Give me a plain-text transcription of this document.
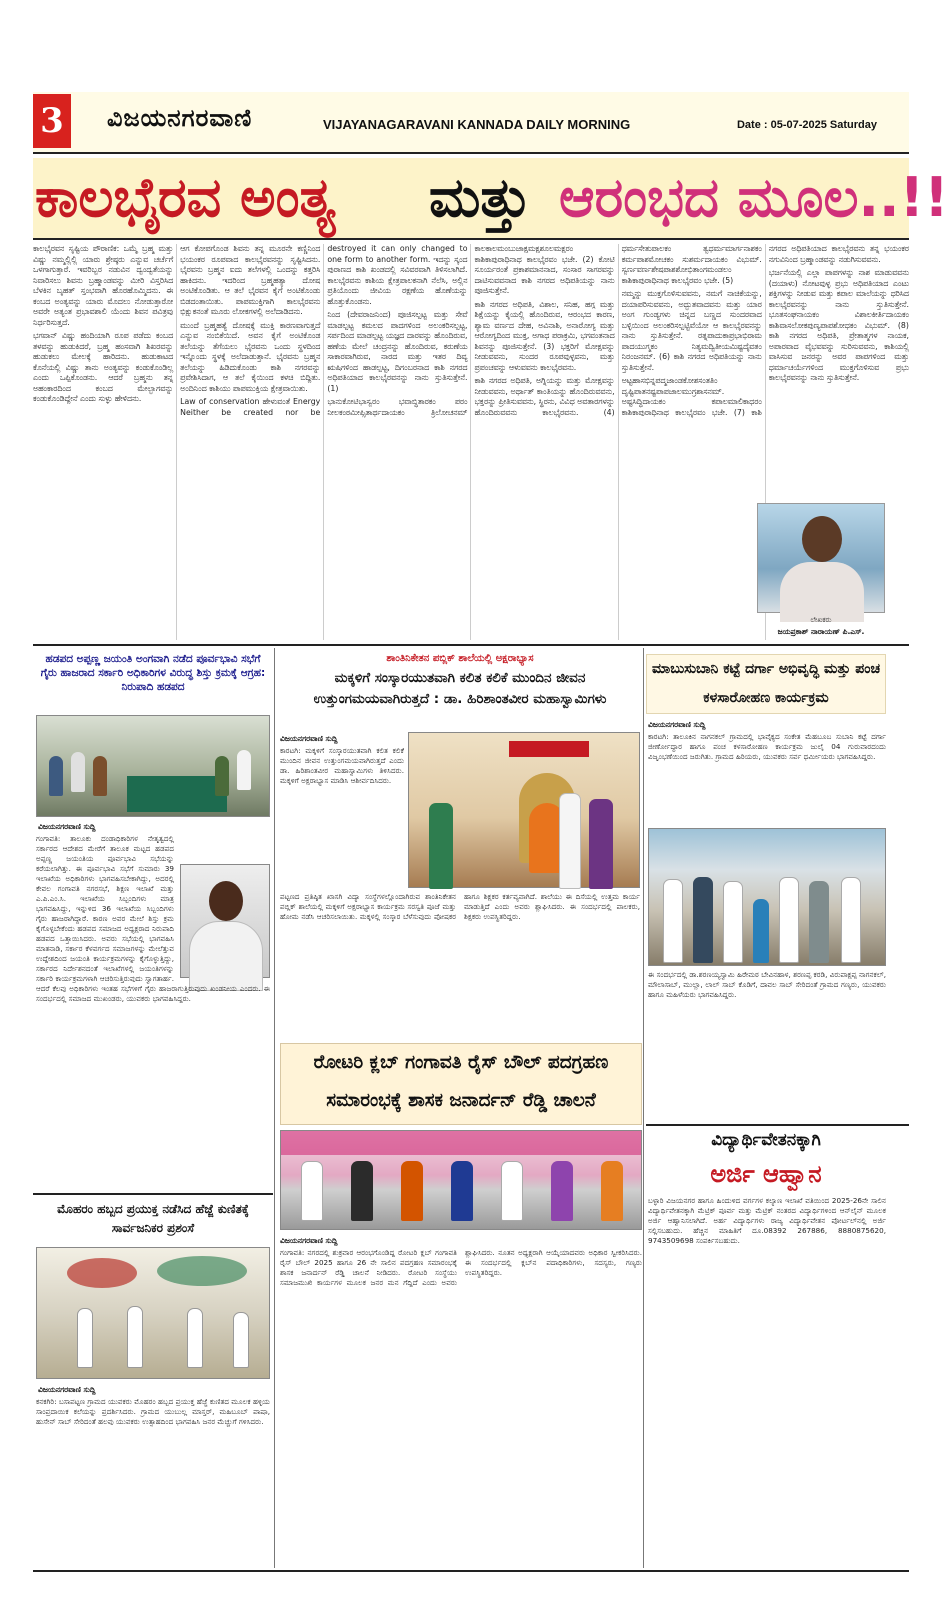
3 ವಿಜಯನಗರವಾಣಿ	VIJAYANAGARAVANI KANNADA DAILY MORNING	Date : 05-07-2025 Saturday
ಕಾಲಭೈರವ ಅಂತ್ಯ ಮತ್ತು ಆರಂಭದ ಮೂಲ..!!

ಕಾಲಭೈರವನ ಸೃಷ್ಟಿಯ ಪೌರಾಣಿಕ: ಒಮ್ಮೆ ಬ್ರಹ್ಮ ಮತ್ತು ವಿಷ್ಣು ನಮ್ಮಲ್ಲಿಲ್ಲಿ ಯಾರು ಶ್ರೇಷ್ಠರು ಎನ್ನುವ ಚರ್ಚೆಗೆ ಒಳಗಾಗುತ್ತಾರೆ. ಇವರಿಬ್ಬರ ನಡುವಿನ ದ್ವಂದ್ವತೆಯನ್ನು ನಿವಾರಿಸಲು ಶಿವನು ಬ್ರಹ್ಮಾಂಡವನ್ನು ಮೀರಿ ವಿಸ್ತರಿಸಿದ ಬೆಳಕಿನ ಬೃಹತ್ ಸ್ತಂಭವಾಗಿ ಹೊರಹೊಮ್ಮಿದನು. ಈ ಕಂಬದ ಅಂತ್ಯವನ್ನು ಯಾರು ಮೊದಲು ನೋಡುತ್ತಾರೋ ಅವರೇ ಅತ್ಯಂತ ಪ್ರಭಾವಶಾಲಿ ಯೆಂದು ಶಿವನ ಪವಿತ್ರವು ನಿರ್ಧರಿಸುತ್ತದೆ.

ಭಗವಾನ್ ವಿಷ್ಣು ಹಂದಿಯಾಗಿ ರೂಪ ಪಡೆದು ಕಂಬದ ತಳವನ್ನು ಹುಡುಕಿದರೆ, ಬ್ರಹ್ಮ ಹಂಸವಾಗಿ ಶಿಖರವನ್ನು ಹುಡುಕಲು ಮೇಲಕ್ಕೆ ಹಾರಿದನು. ಹುಡುಕಾಟದ ಕೊನೆಯಲ್ಲಿ ವಿಷ್ಣು ತಾನು ಅಂತ್ಯವನ್ನು ಕಂಡುಕೊಂಡಿಲ್ಲ ಎಂದು ಒಪ್ಪಿಕೊಂಡನು. ಆದರೆ ಬ್ರಹ್ಮನು ತನ್ನ ಅಹಂಕಾರದಿಂದ ಕಂಬದ ಮೇಲ್ಭಾಗವನ್ನು ಕಂಡುಕೊಂಡಿದ್ದೇನೆ ಎಂದು ಸುಳ್ಳು ಹೇಳಿದನು.

ಆಗ ಕೋಪಗೊಂಡ ಶಿವನು ತನ್ನ ಮೂರನೇ ಕಣ್ಣಿನಿಂದ ಭಯಂಕರ ರೂಪವಾದ ಕಾಲಭೈರವನನ್ನು ಸೃಷ್ಟಿಸಿದನು. ಭೈರವನು ಬ್ರಹ್ಮನ ಐದು ತಲೆಗಳಲ್ಲಿ ಒಂದನ್ನು ಕತ್ತರಿಸಿ ಹಾಕಿದನು. ಇದರಿಂದ ಬ್ರಹ್ಮಹತ್ಯಾ ದೋಷ ಅಂಟಿಕೊಂಡಿತು. ಆ ತಲೆ ಭೈರವನ ಕೈಗೆ ಅಂಟಿಕೊಂಡು ಬಿಡದಂತಾಯಿತು. ಪಾಪಮುಕ್ತಿಗಾಗಿ ಕಾಲಭೈರವನು ಭಿಕ್ಷುಕನಂತೆ ಮೂರು ಲೋಕಗಳಲ್ಲಿ ಅಲೆದಾಡಿದನು.

ಮುಂದೆ ಬ್ರಹ್ಮಹತ್ಯೆ ದೋಷಕ್ಕೆ ಮುಕ್ತಿ ಕಾರಣವಾಗುತ್ತದೆ ಎನ್ನುವ ನಂಬಿಕೆಯಿದೆ. ಅವನ ಕೈಗೆ ಅಂಟಿಕೊಂಡ ತಲೆಯನ್ನು ತೆಗೆಯಲು ಭೈರವನು ಒಂದು ಸ್ಥಳದಿಂದ ಇನ್ನೊಂದು ಸ್ಥಳಕ್ಕೆ ಅಲೆದಾಡುತ್ತಾನೆ. ಭೈರವನು ಬ್ರಹ್ಮನ ತಲೆಯನ್ನು ಹಿಡಿದುಕೊಂಡು ಕಾಶಿ ನಗರವನ್ನು ಪ್ರವೇಶಿಸಿದಾಗ, ಆ ತಲೆ ಕೈಯಿಂದ ಕಳಚಿ ಬಿದ್ದಿತು. ಅಂದಿನಿಂದ ಕಾಶಿಯು ಪಾಪಮುಕ್ತಿಯ ಕ್ಷೇತ್ರವಾಯಿತು.

Law of conservation ಹೇಳುವಂತೆ Energy Neither be created nor be destroyed it can only changed to one form to another form. ಇದನ್ನು ಸ್ಕಂದ ಪುರಾಣದ ಕಾಶಿ ಖಂಡದಲ್ಲಿ ಸವಿವರವಾಗಿ ತಿಳಿಸಲಾಗಿದೆ. ಕಾಲಭೈರವನು ಕಾಶಿಯ ಕ್ಷೇತ್ರಪಾಲಕನಾಗಿ ನೆಲೆಸಿ, ಅಲ್ಲಿನ ಪ್ರತಿಯೊಂದು ಜೀವಿಯ ರಕ್ಷಣೆಯ ಹೊಣೆಯನ್ನು ಹೊತ್ತುಕೊಂಡನು.

ನಿಂದ (ದೇವರಾಜನಿಂದ) ಪೂಜಿಸಲ್ಪಟ್ಟ ಮತ್ತು ಸೇವೆ ಮಾಡಲ್ಪಟ್ಟ ಕಮಲದ ಪಾದಗಳಿಂದ ಅಲಂಕರಿಸಲ್ಪಟ್ಟ, ಸರ್ಪದಿಂದ ಮಾಡಲ್ಪಟ್ಟ ಯಜ್ಞದ ದಾರವನ್ನು ಹೊಂದಿರುವ, ಹಣೆಯ ಮೇಲೆ ಚಂದ್ರನನ್ನು ಹೊಂದಿರುವ, ಕರುಣೆಯ ಸಾಕಾರವಾಗಿರುವ, ನಾರದ ಮತ್ತು ಇತರ ದಿವ್ಯ ಋಷಿಗಳಿಂದ ಹಾಡಲ್ಪಟ್ಟ, ದಿಗಂಬರನಾದ ಕಾಶಿ ನಗರದ ಅಧಿಪತಿಯಾದ ಕಾಲಭೈರವನನ್ನು ನಾನು ಸ್ತುತಿಸುತ್ತೇನೆ. (1)

ಭಾನುಕೋಟಿಭಾಸ್ವರಂ ಭವಾಬ್ಧಿತಾರಕಂ ಪರಂ ನೀಲಕಂಠಮೀಪ್ಸಿತಾರ್ಥದಾಯಕಂ ತ್ರಿಲೋಚನಮ್ ಕಾಲಕಾಲಮಂಬುಜಾಕ್ಷಮಕ್ಷಶೂಲಮಕ್ಷರಂ ಕಾಶಿಕಾಪುರಾಧಿನಾಥ ಕಾಲಭೈರವಂ ಭಜೇ. (2) ಕೋಟಿ ಸೂರ್ಯರಂತೆ ಪ್ರಕಾಶಮಾನನಾದ, ಸಂಸಾರ ಸಾಗರವನ್ನು ದಾಟಿಸುವವನಾದ ಕಾಶಿ ನಗರದ ಅಧಿಪತಿಯನ್ನು ನಾನು ಪೂಜಿಸುತ್ತೇನೆ.

ಕಾಶಿ ನಗರದ ಅಧಿಪತಿ, ವಿಶಾಲ, ಸನಿಹ, ಹಗ್ಗ ಮತ್ತು ಶಿಕ್ಷೆಯನ್ನು ಕೈಯಲ್ಲಿ ಹೊಂದಿರುವ, ಆರಂಭದ ಕಾರಣ, ಶ್ಯಾಮ ವರ್ಣದ ದೇಹ, ಅವಿನಾಶಿ, ಅನಾರೋಗ್ಯ ಮತ್ತು ಆರೋಗ್ಯದಿಂದ ಮುಕ್ತ, ಅಗಾಧ ಪರಾಕ್ರಮಿ, ಭಗವಂತನಾದ ಶಿವನನ್ನು ಪೂಜಿಸುತ್ತೇನೆ. (3) ಭಕ್ತರಿಗೆ ಮೋಕ್ಷವನ್ನು ನೀಡುವವನು, ಸುಂದರ ರೂಪವುಳ್ಳವನು, ಮತ್ತು ಪ್ರಪಂಚವನ್ನು ಆಳುವವನು ಕಾಲಭೈರವನು.

ಕಾಶಿ ನಗರದ ಅಧಿಪತಿ, ಅಗ್ನಿಯನ್ನು ಮತ್ತು ಮೋಕ್ಷವನ್ನು ನೀಡುವವನು, ಅರ್ಥಾತ್ ಕಾಂತಿಯನ್ನು ಹೊಂದಿರುವವನು, ಭಕ್ತರನ್ನು ಪ್ರೀತಿಸುವವನು, ಸ್ಥಿರನು, ವಿವಿಧ ಅವತಾರಗಳನ್ನು ಹೊಂದಿರುವವನು ಕಾಲಭೈರವನು. (4) ಧರ್ಮಸೇತುಪಾಲಕಂ ತ್ವಧರ್ಮಮಾರ್ಗನಾಶಕಂ ಕರ್ಮಪಾಶಮೋಚಕಂ ಸುಶರ್ಮದಾಯಕಂ ವಿಭುಮ್. ಸ್ವರ್ಣವರ್ಣಶೇಷಪಾಶಶೋಭಿತಾಂಗಮಂಡಲಂ ಕಾಶಿಕಾಪುರಾಧಿನಾಥ ಕಾಲಭೈರವಂ ಭಜೇ. (5)

ನಮ್ಮನ್ನು ಮುಕ್ತಗೊಳಿಸುವವನು, ನಮಗೆ ನಾಚಿಕೆಯನ್ನು, ದಯಾಪರಿಸುವವನು, ಅದ್ಭುತವಾದವನು ಮತ್ತು ಯಾರ ಅಂಗ ಗುಂಡ್ಯಗಳು ಚಿನ್ನದ ಬಣ್ಣದ ಸುಂದರವಾದ ಬಳ್ಳಿಯಿಂದ ಅಲಂಕರಿಸಲ್ಪಟ್ಟಿವೆಯೋ ಆ ಕಾಲಭೈರವನನ್ನು ನಾನು ಸ್ತುತಿಸುತ್ತೇನೆ. ರತ್ನಪಾದುಕಾಪ್ರಭಾಭಿರಾಮ ಪಾದಯುಗ್ಮಕಂ ನಿತ್ಯಮದ್ವಿತೀಯಮಿಷ್ಟದೈವತಂ ನಿರಂಜನಮ್. (6) ಕಾಶಿ ನಗರದ ಅಧಿಪತಿಯನ್ನು ನಾನು ಸ್ತುತಿಸುತ್ತೇನೆ.

ಅಟ್ಟಹಾಸಭಿನ್ನಪದ್ಮಜಾಂಡಕೋಶಸಂತತಿಂ ದೃಷ್ಟಿಪಾತನಷ್ಟಪಾಪಜಾಲಮುಗ್ರಶಾಸನಮ್. ಅಷ್ಟಸಿದ್ಧಿದಾಯಕಂ ಕಪಾಲಮಾಲಿಕಾಧರಂ ಕಾಶಿಕಾಪುರಾಧಿನಾಥ ಕಾಲಭೈರವಂ ಭಜೇ. (7) ಕಾಶಿ ನಗರದ ಅಧಿಪತಿಯಾದ ಕಾಲಭೈರವನು ತನ್ನ ಭಯಂಕರ ನಗುವಿನಿಂದ ಬ್ರಹ್ಮಾಂಡವನ್ನು ನಡುಗಿಸುವವನು.

ಭರ್ಜನೆಯಲ್ಲಿ ಎಲ್ಲಾ ಪಾಪಗಳನ್ನು ನಾಶ ಮಾಡುವವನು (ದಯಾಳು) ನೋಟವುಳ್ಳ ಪ್ರಭು ಅಧಿಪತಿಯಾದ ಎಂಟು ಶಕ್ತಿಗಳನ್ನು ನೀಡುವ ಮತ್ತು ಕಪಾಲ ಮಾಲೆಯನ್ನು ಧರಿಸಿದ ಕಾಲಭೈರವನನ್ನು ನಾನು ಸ್ತುತಿಸುತ್ತೇನೆ. ಭೂತಸಂಘನಾಯಕಂ ವಿಶಾಲಕೀರ್ತಿದಾಯಕಂ ಕಾಶಿವಾಸಲೋಕಪುಣ್ಯಪಾಪಶೋಧಕಂ ವಿಭುಮ್. (8) ಕಾಶಿ ನಗರದ ಅಧಿಪತಿ, ಪ್ರೇತಾತ್ಮಗಳ ನಾಯಕ, ಅಪಾರವಾದ ವೈಭವವನ್ನು ಸುರಿಸುವವನು, ಕಾಶಿಯಲ್ಲಿ ವಾಸಿಸುವ ಜನರನ್ನು ಅವರ ಪಾಪಗಳಿಂದ ಮತ್ತು ಧರ್ಮಾಚರ್ಯೆಗಳಿಂದ ಮುಕ್ತಗೊಳಿಸುವ ಪ್ರಭು ಕಾಲಭೈರವನನ್ನು ನಾನು ಸ್ತುತಿಸುತ್ತೇನೆ.

ಲೇಖಕರು
ಜಯಪ್ರಕಾಶ್ ನಾರಾಯಣ್ ಪಿ.ಎಸ್.
ಹಡಪದ ಅಪ್ಪಣ್ಣ ಜಯಂತಿ ಅಂಗವಾಗಿ ನಡೆದ ಪೂರ್ವಭಾವಿ ಸಭೆಗೆ ಗೈರು ಹಾಜರಾದ ಸರ್ಕಾರಿ ಅಧಿಕಾರಿಗಳ ವಿರುದ್ಧ ಶಿಸ್ತು ಕ್ರಮಕ್ಕೆ ಆಗ್ರಹ: ನಿರುಪಾದಿ ಹಡಪದ
ವಿಜಯನಗರವಾಣಿ ಸುದ್ದಿ
ಗಂಗಾವತಿ: ತಾಲೂಕು ದಂಡಾಧಿಕಾರಿಗಳ ನೇತೃತ್ವದಲ್ಲಿ ಸರ್ಕಾರದ ಆದೇಶದ ಮೇರೆಗೆ ತಾಲೂಕ ಮಟ್ಟದ ಹಡಪದ ಅಪ್ಪಣ್ಣ ಜಯಂತಿಯ ಪೂರ್ವಭಾವಿ ಸಭೆಯನ್ನು ಕರೆಯಲಾಗಿತ್ತು. ಈ ಪೂರ್ವಭಾವಿ ಸಭೆಗೆ ಸುಮಾರು 39 ಇಲಾಖೆಯ ಅಧಿಕಾರಿಗಳು ಭಾಗವಹಿಸಬೇಕಾಗಿದ್ದು, ಅದರಲ್ಲಿ ಕೇವಲ ಗಂಗಾವತಿ ನಗರಸಭೆ, ಶಿಕ್ಷಣ ಇಲಾಖೆ ಮತ್ತು ಎ.ಪಿ.ಎಂ.ಸಿ. ಇಲಾಖೆಯ ಸಿಬ್ಬಂದಿಗಳು ಮಾತ್ರ ಭಾಗವಹಿಸಿದ್ದು, ಇನ್ನುಳಿದ 36 ಇಲಾಖೆಯ ಸಿಬ್ಬಂದಿಗಳು ಗೈರು ಹಾಜರಾಗಿದ್ದಾರೆ. ಕಾರಣ ಅವರ ಮೇಲೆ ಶಿಸ್ತು ಕ್ರಮ ಕೈಗೊಳ್ಳಬೇಕೆಂದು ಹಡಪದ ಸಮಾಜದ ಅಧ್ಯಕ್ಷರಾದ ನಿರುಪಾದಿ ಹಡಪದ ಒತ್ತಾಯಿಸಿದರು. ಅವರು ಸಭೆಯಲ್ಲಿ ಭಾಗವಹಿಸಿ ಮಾತನಾಡಿ, ಸರ್ಕಾರ ಕೆಳವರ್ಗದ ಸಮಾಜಗಳನ್ನು ಮೇಲೆತ್ತುವ ಉದ್ದೇಶದಿಂದ ಜಯಂತಿ ಕಾರ್ಯಕ್ರಮಗಳನ್ನು ಕೈಗೊಳ್ಳುತ್ತಿದ್ದು, ಸರ್ಕಾರದ ನಿರ್ದೇಶನದಂತೆ ಇಲಾಖೆಗಳಲ್ಲಿ ಜಯಂತಿಗಳನ್ನು ಸರ್ಕಾರಿ ಕಾರ್ಯಕ್ರಮಗಳಾಗಿ ಆಚರಿಸುತ್ತಿರುವುದು ಸ್ವಾಗತಾರ್ಹ. ಆದರೆ ಕೆಲವು ಅಧಿಕಾರಿಗಳು ಇಂತಹ ಸಭೆಗಳಿಗೆ ಗೈರು ಹಾಜರಾಗುತ್ತಿರುವುದು ಖಂಡನೀಯ ಎಂದರು. ಈ ಸಂದರ್ಭದಲ್ಲಿ ಸಮಾಜದ ಮುಖಂಡರು, ಯುವಕರು ಭಾಗವಹಿಸಿದ್ದರು.
ಮೊಹರಂ ಹಬ್ಬದ ಪ್ರಯುಕ್ತ ನಡೆಸಿದ ಹೆಜ್ಜೆ ಕುಣಿತಕ್ಕೆ ಸಾರ್ವಜನಿಕರ ಪ್ರಶಂಸೆ
ವಿಜಯನಗರವಾಣಿ ಸುದ್ದಿ
ಕನಕಗಿರಿ: ಬಸಾಪಟ್ಟಣ ಗ್ರಾಮದ ಯುವಕರು ಮೊಹರಂ ಹಬ್ಬದ ಪ್ರಯುಕ್ತ ಹೆಜ್ಜೆ ಕುಣಿತದ ಮೂಲಕ ಹಳ್ಳಿಯ ಸಾಂಪ್ರದಾಯಿಕ ಕಲೆಯನ್ನು ಪ್ರದರ್ಶಿಸಿದರು. ಗ್ರಾಮದ ಯುಬುಲ್ಲ ಮಾಸ್ತರ್, ಮಹಿಬೂಬ್ ಪಾಷಾ, ಹುಸೇನ್ ಸಾಬ್ ಸೇರಿದಂತೆ ಹಲವು ಯುವಕರು ಉತ್ಸಾಹದಿಂದ ಭಾಗವಹಿಸಿ ಜನರ ಮೆಚ್ಚುಗೆ ಗಳಿಸಿದರು.
ಶಾಂತಿನಿಕೇತನ ಪಬ್ಲಿಕ್ ಶಾಲೆಯಲ್ಲಿ ಅಕ್ಷರಾಭ್ಯಾಸ
ಮಕ್ಕಳಿಗೆ ಸಂಸ್ಕಾರಯುತವಾಗಿ ಕಲಿತ ಕಲಿಕೆ ಮುಂದಿನ ಜೀವನ ಉತ್ತುಂಗಮಯವಾಗಿರುತ್ತದೆ : ಡಾ. ಹಿರಿಶಾಂತವೀರ ಮಹಾಸ್ವಾಮಿಗಳು
ವಿಜಯನಗರವಾಣಿ ಸುದ್ದಿ
ಕಾರಟಗಿ: ಮಕ್ಕಳಿಗೆ ಸಂಸ್ಕಾರಯುತವಾಗಿ ಕಲಿತ ಕಲಿಕೆ ಮುಂದಿನ ಜೀವನ ಉತ್ತುಂಗಮಯವಾಗಿರುತ್ತದೆ ಎಂದು ಡಾ. ಹಿರಿಶಾಂತವೀರ ಮಹಾಸ್ವಾಮಿಗಳು ತಿಳಿಸಿದರು. ಮಕ್ಕಳಿಗೆ ಅಕ್ಷರಾಭ್ಯಾಸ ಮಾಡಿಸಿ ಆಶೀರ್ವದಿಸಿದರು.
ಪಟ್ಟಣದ ಪ್ರತಿಷ್ಠಿತ ಖಾಸಗಿ ವಿದ್ಯಾ ಸಂಸ್ಥೆಗಳಲ್ಲೊಂದಾಗಿರುವ ಶಾಂತಿನಿಕೇತನ ಪಬ್ಲಿಕ್ ಶಾಲೆಯಲ್ಲಿ ಮಕ್ಕಳಿಗೆ ಅಕ್ಷರಾಭ್ಯಾಸ ಕಾರ್ಯಕ್ರಮ ಸರಸ್ವತಿ ಪೂಜೆ ಮತ್ತು ಹೋಮ ನಡೆಸಿ ಆಚರಿಸಲಾಯಿತು. ಮಕ್ಕಳಲ್ಲಿ ಸಂಸ್ಕಾರ ಬೆಳೆಸುವುದು ಪೋಷಕರ ಹಾಗೂ ಶಿಕ್ಷಕರ ಕರ್ತವ್ಯವಾಗಿದೆ. ಶಾಲೆಯು ಈ ದಿಸೆಯಲ್ಲಿ ಉತ್ತಮ ಕಾರ್ಯ ಮಾಡುತ್ತಿದೆ ಎಂದು ಅವರು ಶ್ಲಾಘಿಸಿದರು. ಈ ಸಂದರ್ಭದಲ್ಲಿ ಪಾಲಕರು, ಶಿಕ್ಷಕರು ಉಪಸ್ಥಿತರಿದ್ದರು.
ರೋಟರಿ ಕ್ಲಬ್ ಗಂಗಾವತಿ ರೈಸ್ ಬೌಲ್ ಪದಗ್ರಹಣ ಸಮಾರಂಭಕ್ಕೆ ಶಾಸಕ ಜನಾರ್ದನ್ ರೆಡ್ಡಿ ಚಾಲನೆ
ವಿಜಯನಗರವಾಣಿ ಸುದ್ದಿ
ಗಂಗಾವತಿ: ನಗರದಲ್ಲಿ ಶುಕ್ರವಾರ ಆರಂಭಗೊಂಡಿದ್ದ ರೋಟರಿ ಕ್ಲಬ್ ಗಂಗಾವತಿ ರೈಸ್ ಬೌಲ್ 2025 ಹಾಗೂ 26 ನೇ ಸಾಲಿನ ಪದಗ್ರಹಣ ಸಮಾರಂಭಕ್ಕೆ ಶಾಸಕ ಜನಾರ್ದನ್ ರೆಡ್ಡಿ ಚಾಲನೆ ನೀಡಿದರು. ರೋಟರಿ ಸಂಸ್ಥೆಯು ಸಮಾಜಮುಖಿ ಕಾರ್ಯಗಳ ಮೂಲಕ ಜನರ ಮನ ಗೆದ್ದಿದೆ ಎಂದು ಅವರು ಶ್ಲಾಘಿಸಿದರು. ನೂತನ ಅಧ್ಯಕ್ಷರಾಗಿ ಆಯ್ಕೆಯಾದವರು ಅಧಿಕಾರ ಸ್ವೀಕರಿಸಿದರು. ಈ ಸಂದರ್ಭದಲ್ಲಿ ಕ್ಲಬ್‌ನ ಪದಾಧಿಕಾರಿಗಳು, ಸದಸ್ಯರು, ಗಣ್ಯರು ಉಪಸ್ಥಿತರಿದ್ದರು.
ಮಾಬುಸುಬಾನಿ ಕಟ್ಟೆ ದರ್ಗಾ ಅಭಿವೃದ್ಧಿ ಮತ್ತು ಪಂಚ ಕಳಸಾರೋಹಣ ಕಾರ್ಯಕ್ರಮ
ವಿಜಯನಗರವಾಣಿ ಸುದ್ದಿ
ಕಾರಟಗಿ: ತಾಲೂಕಿನ ನಾಗನಕಲ್ ಗ್ರಾಮದಲ್ಲಿ ಭಾವೈಕ್ಯದ ಸಂಕೇತ ಮೆಹಬೂಬ ಸುಬಾನಿ ಕಟ್ಟೆ ದರ್ಗಾ ಜೀರ್ಣೋದ್ಧಾರ ಹಾಗೂ ಪಂಚ ಕಳಸಾರೋಹಣ ಕಾರ್ಯಕ್ರಮ ಜುಲೈ 04 ಗುರುವಾರದಂದು ವಿಜೃಂಭಣೆಯಿಂದ ಜರುಗಿತು. ಗ್ರಾಮದ ಹಿರಿಯರು, ಯುವಕರು ಸರ್ವ ಧರ್ಮೀಯರು ಭಾಗವಹಿಸಿದ್ದರು.
ಈ ಸಂದರ್ಭದಲ್ಲಿ ಡಾ.ಶರಣಯ್ಯಸ್ವಾಮಿ ಹಿರೇಮಠ ಬೇವಿನಹಾಳ, ಶರಣಪ್ಪ ಕರಡಿ, ವಿರುಪಾಕ್ಷಪ್ಪ ನಾಗನಕಲ್, ಮೌಲಾಸಾಬ್, ಮುಲ್ಲಾ, ಲಾಲ್ ಸಾಬ್ ಕೊಡಿಗೆ, ದಾವಲ ಸಾಬ್ ಸೇರಿದಂತೆ ಗ್ರಾಮದ ಗಣ್ಯರು, ಯುವಕರು ಹಾಗೂ ಮಹಿಳೆಯರು ಭಾಗವಹಿಸಿದ್ದರು.
ವಿದ್ಯಾರ್ಥಿವೇತನಕ್ಕಾಗಿ
ಅರ್ಜಿ ಆಹ್ವಾನ
ಬಳ್ಳಾರಿ ವಿಜಯನಗರ ಹಾಗೂ ಹಿಂದುಳಿದ ವರ್ಗಗಳ ಕಲ್ಯಾಣ ಇಲಾಖೆ ವತಿಯಿಂದ 2025-26ನೇ ಸಾಲಿನ ವಿದ್ಯಾರ್ಥಿವೇತನಕ್ಕಾಗಿ ಮೆಟ್ರಿಕ್ ಪೂರ್ವ ಮತ್ತು ಮೆಟ್ರಿಕ್ ನಂತರದ ವಿದ್ಯಾರ್ಥಿಗಳಿಂದ ಆನ್‌ಲೈನ್ ಮೂಲಕ ಅರ್ಜಿ ಆಹ್ವಾನಿಸಲಾಗಿದೆ. ಅರ್ಹ ವಿದ್ಯಾರ್ಥಿಗಳು ರಾಜ್ಯ ವಿದ್ಯಾರ್ಥಿವೇತನ ಪೋರ್ಟಲ್‌ನಲ್ಲಿ ಅರ್ಜಿ ಸಲ್ಲಿಸಬಹುದು. ಹೆಚ್ಚಿನ ಮಾಹಿತಿಗೆ ದೂ.08392 267886, 8880875620, 9743509698 ಸಂಪರ್ಕಿಸಬಹುದು.
